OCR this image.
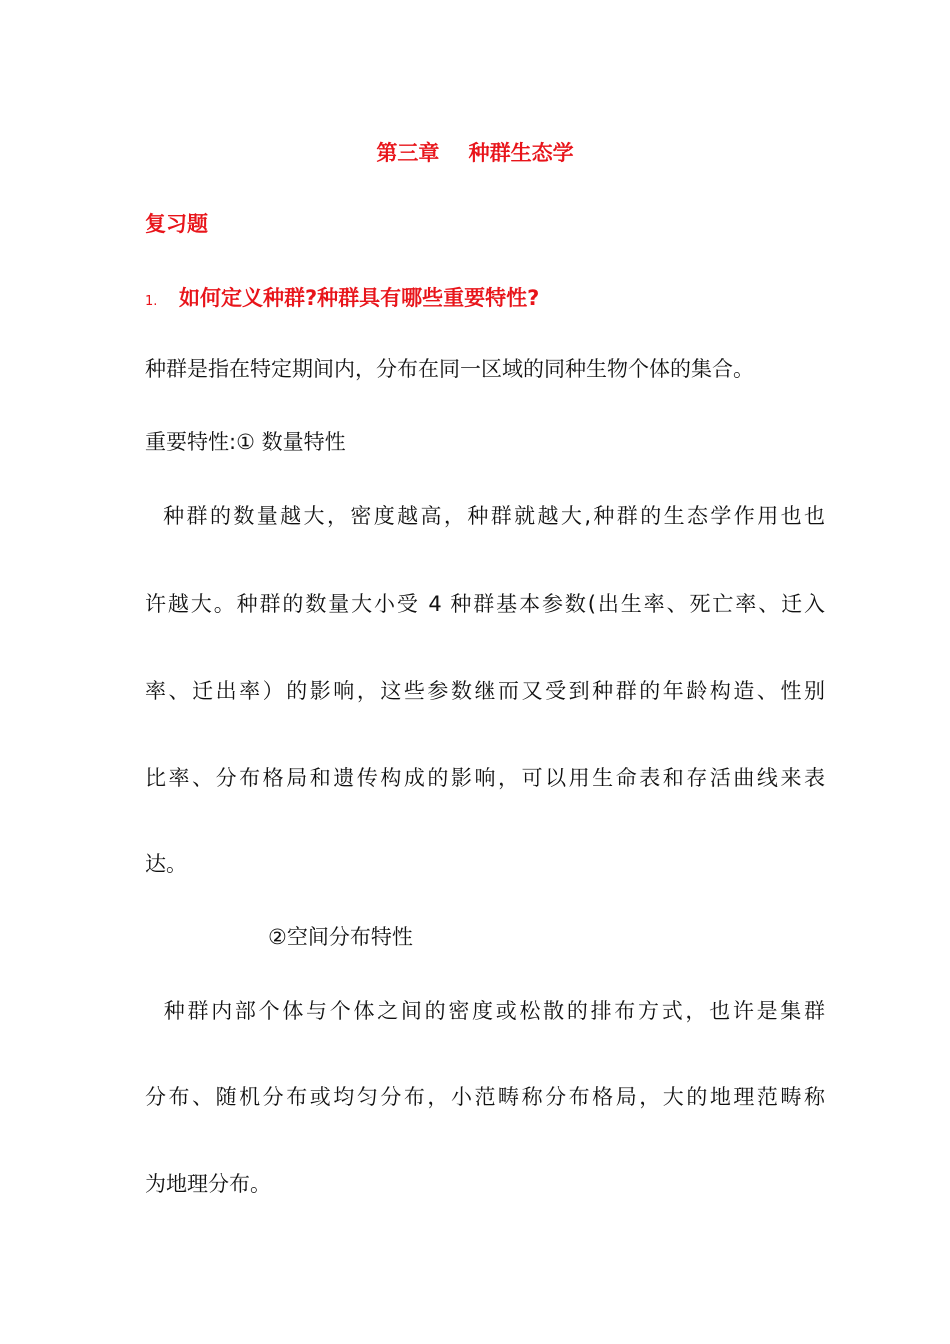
第三章    种群生态学
复习题
1. 如何定义种群?种群具有哪些重要特性?
种群是指在特定期间内，分布在同一区域的同种生物个体的集合。
重要特性:① 数量特性
种群的数量越大，密度越高，种群就越大,种群的生态学作用也也
许越大。种群的数量大小受 4 种群基本参数(出生率、死亡率、迁入
率、迁出率）的影响，这些参数继而又受到种群的年龄构造、性别
比率、分布格局和遗传构成的影响，可以用生命表和存活曲线来表
达。
②空间分布特性
种群内部个体与个体之间的密度或松散的排布方式，也许是集群
分布、随机分布或均匀分布，小范畴称分布格局，大的地理范畴称
为地理分布。
